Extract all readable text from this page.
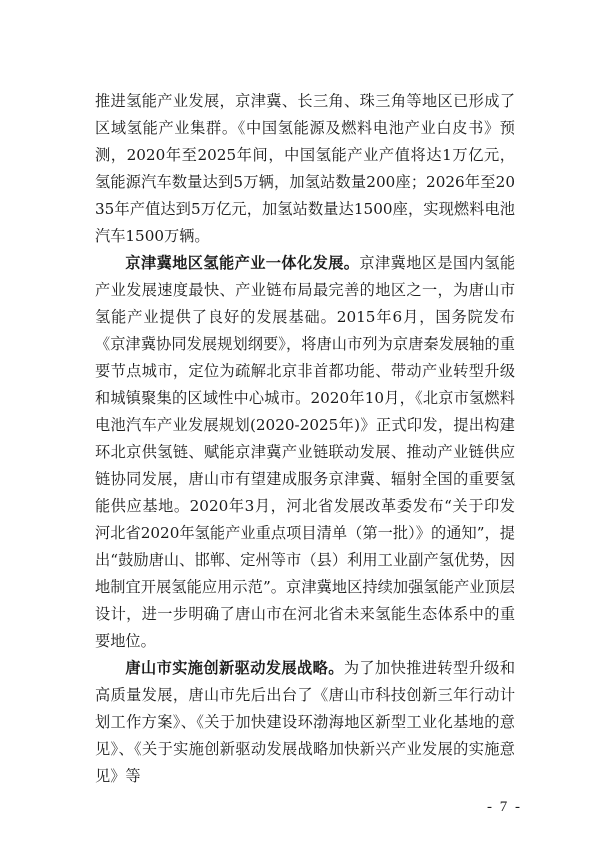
推进氢能产业发展，京津冀、长三角、珠三角等地区已形成了区域氢能产业集群。《中国氢能源及燃料电池产业白皮书》预测，2020年至2025年间，中国氢能产业产值将达1万亿元，氢能源汽车数量达到5万辆，加氢站数量200座；2026年至2035年产值达到5万亿元，加氢站数量达1500座，实现燃料电池汽车1500万辆。

京津冀地区氢能产业一体化发展。京津冀地区是国内氢能产业发展速度最快、产业链布局最完善的地区之一，为唐山市氢能产业提供了良好的发展基础。2015年6月，国务院发布《京津冀协同发展规划纲要》，将唐山市列为京唐秦发展轴的重要节点城市，定位为疏解北京非首都功能、带动产业转型升级和城镇聚集的区域性中心城市。2020年10月，《北京市氢燃料电池汽车产业发展规划(2020-2025年)》正式印发，提出构建环北京供氢链、赋能京津冀产业链联动发展、推动产业链供应链协同发展，唐山市有望建成服务京津冀、辐射全国的重要氢能供应基地。2020年3月，河北省发展改革委发布“关于印发河北省2020年氢能产业重点项目清单（第一批）》的通知”，提出“鼓励唐山、邯郸、定州等市（县）利用工业副产氢优势，因地制宜开展氢能应用示范”。京津冀地区持续加强氢能产业顶层设计，进一步明确了唐山市在河北省未来氢能生态体系中的重要地位。

唐山市实施创新驱动发展战略。为了加快推进转型升级和高质量发展，唐山市先后出台了《唐山市科技创新三年行动计划工作方案》、《关于加快建设环渤海地区新型工业化基地的意见》、《关于实施创新驱动发展战略加快新兴产业发展的实施意见》等

- 7 -
